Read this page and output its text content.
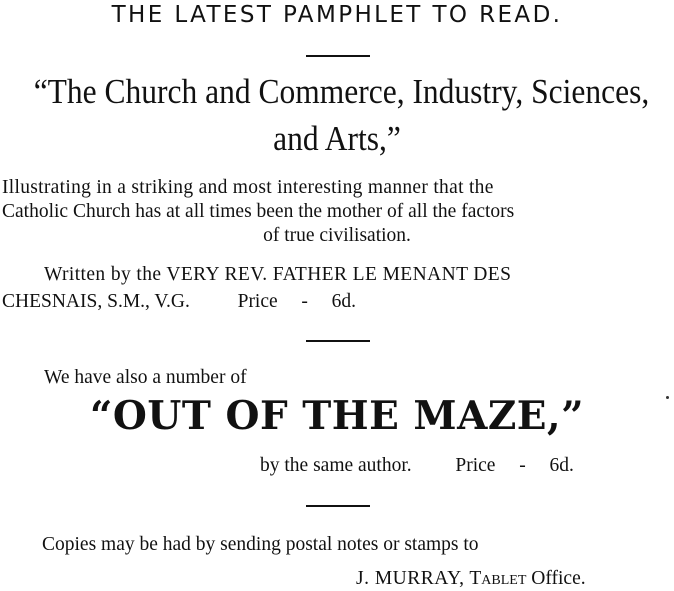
THE LATEST PAMPHLET TO READ.
“The Church and Commerce, Industry, Sciences,
and Arts,”
Illustrating in a striking and most interesting manner that the
Catholic Church has at all times been the mother of all the factors
of true civilisation.
Written by the VERY REV. FATHER LE MENANT DES
CHESNAIS, S.M., V.G. Price - 6d.
We have also a number of
“OUT OF THE MAZE,”
by the same author. Price - 6d.
Copies may be had by sending postal notes or stamps to
J. MURRAY, Tablet Office.
